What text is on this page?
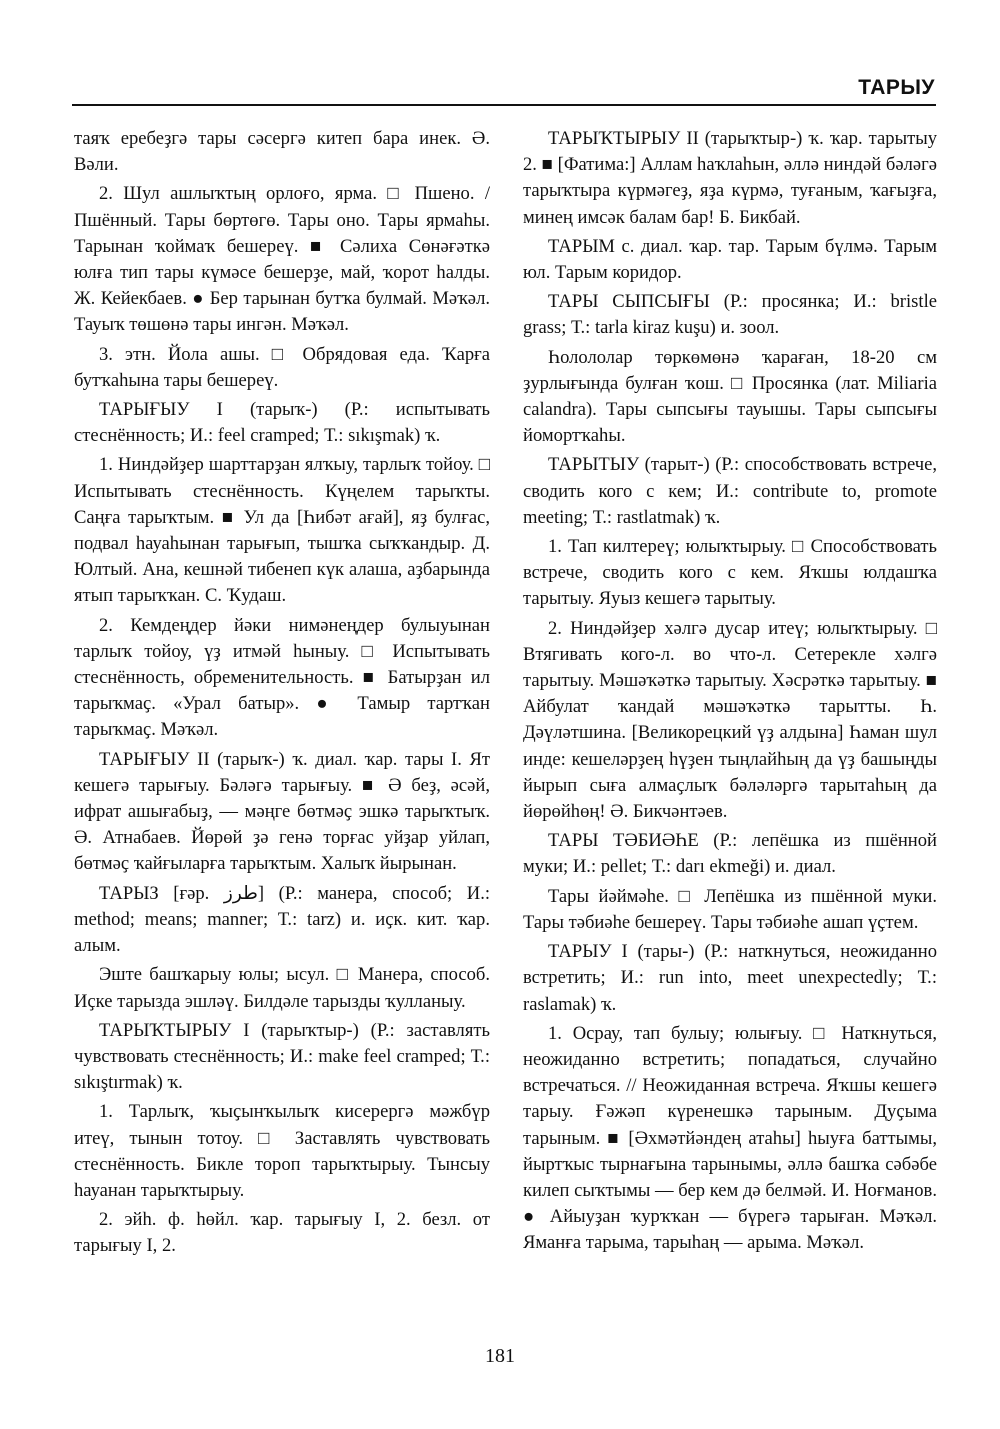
ТАРЫУ

таяҡ еребеҙгә тары сәсергә китеп бара инек. Ә. Вәли.

2. Шул ашлыҡтың орлоғо, ярма. □ Пшено. / Пшённый. Тары бөртөгө. Тары оно. Тары ярмаһы. Тарынан ҡоймаҡ бешереү. ■ Сәлиха Сөнәғәткә юлға тип тары күмәсе бешерҙе, май, ҡорот һалды. Ж. Кейекбаев. ● Бер тарынан бутҡа булмай. Мәҡәл. Тауыҡ төшөнә тары ингән. Мәҡәл.

3. этн. Йола ашы. □ Обрядовая еда. Ҡарға бутҡаһына тары бешереү.

ТАРЫҒЫУ I (тарыҡ-) (Р.: испытывать стеснённость; И.: feel cramped; Т.: sıkışmak) ҡ.

1. Ниндәйҙер шарттарҙан ялҡыу, тарлыҡ тойоу. □ Испытывать стеснённость. Күңелем тарыҡты. Саңға тарыҡтым. ■ Ул да [Һибәт ағай], яҙ булғас, подвал һауаһынан тарығып, тышҡа сыҡҡандыр. Д. Юлтый. Ана, кешнәй тибенеп күк алаша, аҙбарында ятып тарыҡҡан. С. Ҡудаш.

2. Кемдеңдер йәки нимәнеңдер булыуынан тарлыҡ тойоу, үҙ итмәй һыныу. □ Испытывать стеснённость, обременительность. ■ Батырҙан ил тарыҡмаҫ. «Урал батыр». ● Тамыр тартҡан тарыҡмаҫ. Мәҡәл.

ТАРЫҒЫУ II (тарыҡ-) ҡ. диал. ҡар. тары I. Ят кешегә тарығыу. Бәләгә тарығыу. ■ Ә беҙ, әсәй, ифрат ашығабыҙ, — мәңге бөтмәҫ эшкә тарыҡтыҡ. Ә. Атнабаев. Йөрөй ҙә генә торғас уйҙар уйлап, бөтмәҫ ҡайғыларға тарыҡтым. Халыҡ йырынан.

ТАРЫЗ [ғәр. طرز] (Р.: манера, способ; И.: method; means; manner; Т.: tarz) и. иҫк. кит. ҡар. алым.

Эште башҡарыу юлы; ысул. □ Манера, способ. Иҫке тарызда эшләү. Билдәле тарызды ҡулланыу.

ТАРЫҠТЫРЫУ I (тарыҡтыр-) (Р.: заставлять чувствовать стеснённость; И.: make feel cramped; Т.: sıkıştırmak) ҡ.

1. Тарлыҡ, ҡыҫынҡылыҡ кисерергә мәжбүр итеү, тынын тотоу. □ Заставлять чувствовать стеснённость. Бикле тороп тарыҡтырыу. Тынсыу һауанан тарыҡтырыу.

2. эйһ. ф. һөйл. ҡар. тарығыу I, 2. безл. от тарығыу I, 2.

ТАРЫҠТЫРЫУ II (тарыҡтыр-) ҡ. ҡар. тарытыу 2. ■ [Фатима:] Аллам һаҡлаһын, әллә ниндәй бәләгә тарыҡтыра күрмәгеҙ, яҙа күрмә, туғаным, ҡағыҙға, минең имсәк балам бар! Б. Бикбай.

ТАРЫМ с. диал. ҡар. тар. Тарым бүлмә. Тарым юл. Тарым коридор.

ТАРЫ СЫПСЫҒЫ (Р.: просянка; И.: bristle grass; Т.: tarla kiraz kuşu) и. зоол.

Һолололар төркөмөнә ҡараған, 18-20 см ҙурлығында булған ҡош. □ Просянка (лат. Miliaria calandra). Тары сыпсығы тауышы. Тары сыпсығы йомортҡаһы.

ТАРЫТЫУ (тарыт-) (Р.: способствовать встрече, сводить кого с кем; И.: contribute to, promote meeting; Т.: rastlatmak) ҡ.

1. Тап килтереү; юлыҡтырыу. □ Способствовать встрече, сводить кого с кем. Яҡшы юлдашҡа тарытыу. Яуыз кешегә тарытыу.

2. Ниндәйҙер хәлгә дусар итеү; юлыҡтырыу. □ Втягивать кого-л. во что-л. Сетерекле хәлгә тарытыу. Мәшәҡәткә тарытыу. Хәсрәткә тарытыу. ■ Айбулат ҡандай мәшәҡәткә тарытты. Һ. Дәүләтшина. [Великорецкий үҙ алдына] Һаман шул инде: кешеләрҙең һүҙен тыңлайһың да үҙ башыңды йырып сыға алмаҫлыҡ бәләләргә тарытаһың да йөрөйһөң! Ә. Бикчәнтәев.

ТАРЫ ТӘБИӘҺЕ (Р.: лепёшка из пшённой муки; И.: pellet; Т.: darı ekmeği) и. диал.

Тары йәймәһе. □ Лепёшка из пшённой муки. Тары тәбиәһе бешереү. Тары тәбиәһе ашап үҫтем.

ТАРЫУ I (тары-) (Р.: наткнуться, неожиданно встретить; И.: run into, meet unexpectedly; Т.: raslamak) ҡ.

1. Осрау, тап булыу; юлығыу. □ Наткнуться, неожиданно встретить; попадаться, случайно встречаться. // Неожиданная встреча. Яҡшы кешегә тарыу. Ғәжәп күренешкә тарыным. Дуҫыма тарыным. ■ [Әхмәтйәндең атаһы] һыуға баттымы, йыртҡыс тырнағына тарынымы, әллә башҡа сәбәбе килеп сыҡтымы — бер кем дә белмәй. И. Ноғманов. ● Айыуҙан ҡурҡҡан — бүрегә тарыған. Мәҡәл. Яманға тарыма, тарыһаң — арыма. Мәҡәл.

181
